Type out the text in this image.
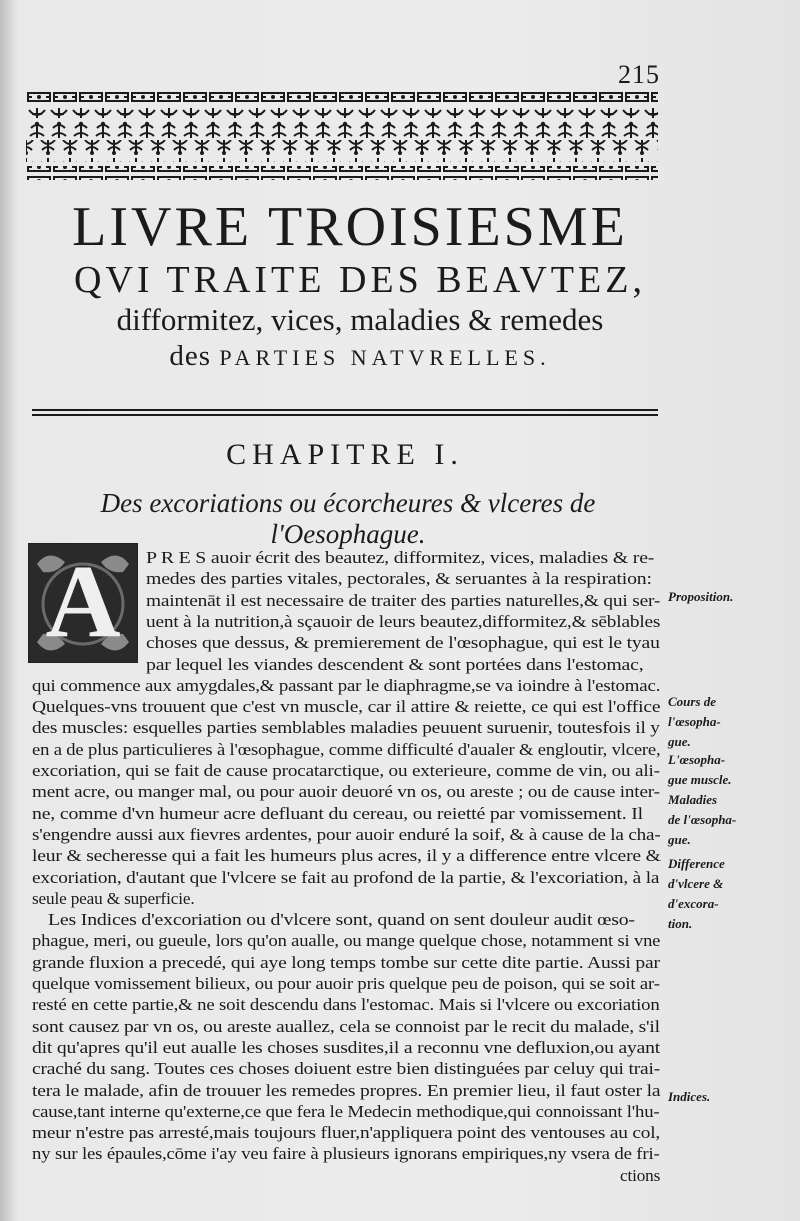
215
LIVRE TROISIESME
QVI TRAITE DES BEAVTEZ,
difformitez, vices, maladies & remedes
des PARTIES NATVRELLES.
CHAPITRE I.
Des excoriations ou écorcheures & vlceres de l'Oesophague.
A	P R E S auoir écrit des beautez, difformitez, vices, maladies & re-
medes des parties vitales, pectorales, & seruantes à la respiration:
maintenāt il est necessaire de traiter des parties naturelles,& qui ser-
uent à la nutrition,à sçauoir de leurs beautez,difformitez,& sēblables
choses que dessus, & premierement de l'œsophague, qui est le tyau
par lequel les viandes descendent & sont portées dans l'estomac,
qui commence aux amygdales,& passant par le diaphragme,se va ioindre à l'estomac.
Quelques-vns trouuent que c'est vn muscle, car il attire & reiette, ce qui est l'office
des muscles: esquelles parties semblables maladies peuuent suruenir, toutesfois il y
en a de plus particulieres à l'œsophague, comme difficulté d'aualer & engloutir, vlcere,
excoriation, qui se fait de cause procatarctique, ou exterieure, comme de vin, ou ali-
ment acre, ou manger mal, ou pour auoir deuoré vn os, ou areste ; ou de cause inter-
ne, comme d'vn humeur acre defluant du cereau, ou reietté par vomissement. Il
s'engendre aussi aux fievres ardentes, pour auoir enduré la soif, & à cause de la cha-
leur & secheresse qui a fait les humeurs plus acres, il y a difference entre vlcere &
excoriation, d'autant que l'vlcere se fait au profond de la partie, & l'excoriation, à la
seule peau & superficie.
Les Indices d'excoriation ou d'vlcere sont, quand on sent douleur audit œso-
phague, meri, ou gueule, lors qu'on aualle, ou mange quelque chose, notamment si vne
grande fluxion a precedé, qui aye long temps tombe sur cette dite partie. Aussi par
quelque vomissement bilieux, ou pour auoir pris quelque peu de poison, qui se soit ar-
resté en cette partie,& ne soit descendu dans l'estomac. Mais si l'vlcere ou excoriation
sont causez par vn os, ou areste auallez, cela se connoist par le recit du malade, s'il
dit qu'apres qu'il eut aualle les choses susdites,il a reconnu vne defluxion,ou ayant
craché du sang. Toutes ces choses doiuent estre bien distinguées par celuy qui trai-
tera le malade, afin de trouuer les remedes propres. En premier lieu, il faut oster la
cause,tant interne qu'externe,ce que fera le Medecin methodique,qui connoissant l'hu-
meur n'estre pas arresté,mais toujours fluer,n'appliquera point des ventouses au col,
ny sur les épaules,cōme i'ay veu faire à plusieurs ignorans empiriques,ny vsera de fri-
ctions
Proposition.
Cours de
l'œsopha-
gue.
L'œsopha-
gue muscle.
Maladies
de l'œsopha-
gue.
Difference
d'vlcere &
d'excora-
tion.
Indices.
